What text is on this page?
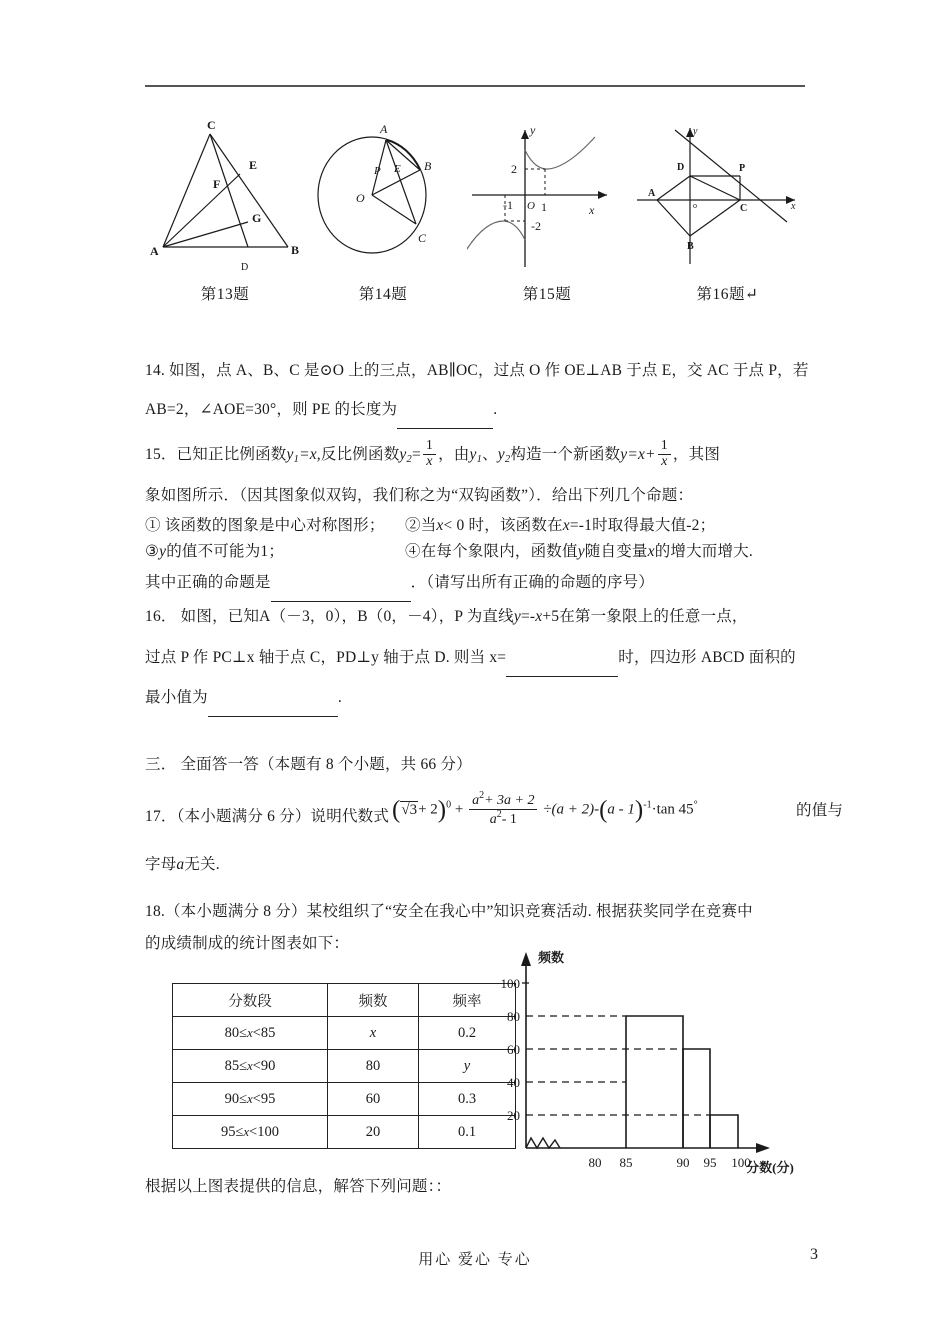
C
A	B
D
E
F
G
A
B
C
O
P E
x
y
O
2
-1 1
-2
A
B
C
D	P
o	x
y
第13题	第14题	第15题	第16题↵
14. 如图，点 A、B、C 是⊙O 上的三点，AB∥OC，过点 O 作 OE⊥AB 于点 E，交 AC 于点 P，若
AB=2，∠AOE=30°，则 PE 的长度为	.
15．已知正比例函数$y_1=x$,反比例函数$y_2= \frac{1}{x}$ ，由$y_1$、$y_2$构造一个新函数$y=x+ \frac{1}{x}$ ，其图
象如图所示．（因其图象似双钩，我们称之为“双钩函数”）．给出下列几个命题：
① 该函数的图象是中心对称图形； ②当x< 0 时，该函数在x=-1时取得最大值-2；
③y的值不可能为1；	④在每个象限内，函数值y随自变量x的增大而增大.
其中正确的命题是	．（请写出所有正确的命题的序号）
16． 如图，已知A（－3，0），B（0，－4），P 为直线y=-x+5在第一象限上的任意一点，
过点 P 作 PC⊥x 轴于点 C，PD⊥y 轴于点 D. 则当 x=	时，四边形 ABCD 面积的
最小值为	.
三． 全面答一答（本题有 8 个小题，共 66 分）
17．（本小题满分 6 分）说明代数式 $(√3+ 2)^0 + \frac{a^2+ 3a + 2}{a^2- 1} \div(a + 2)-(a - 1)^{-1}\cdot\tan$ 45°	的值与
字母a无关.
18.（本小题满分 8 分）某校组织了“安全在我心中”知识竞赛活动. 根据获奖同学在竞赛中
的成绩制成的统计图表如下：
分数段	频数	频率
80≤x<85	x	0.2
85≤x<90	80	y
90≤x<95	60	0.3
95≤x<100	20	0.1
20
40
60
80
100
80 85	90 95 100
频数
分数(分)
根据以上图表提供的信息，解答下列问题：：
用心 爱心 专心	3
